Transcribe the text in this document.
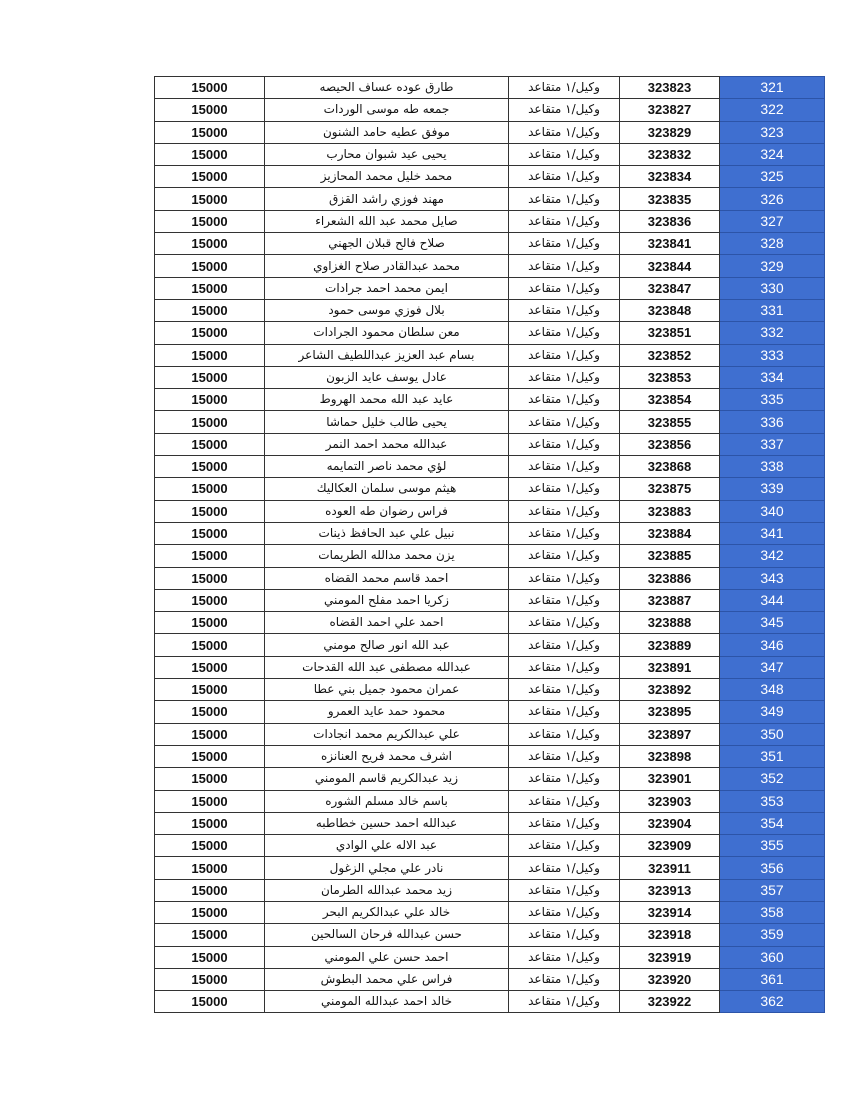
15000	طارق عوده عساف الحيصه	وكيل/١ متقاعد	323823	321
15000	جمعه طه موسى الوردات	وكيل/١ متقاعد	323827	322
15000	موفق عطيه حامد الشنون	وكيل/١ متقاعد	323829	323
15000	يحيى عيد شبوان محارب	وكيل/١ متقاعد	323832	324
15000	محمد خليل محمد المحازيز	وكيل/١ متقاعد	323834	325
15000	مهند فوزي راشد القزق	وكيل/١ متقاعد	323835	326
15000	صايل محمد عبد الله الشعراء	وكيل/١ متقاعد	323836	327
15000	صلاح فالح قبلان الجهني	وكيل/١ متقاعد	323841	328
15000	محمد عبدالقادر صلاح الغزاوي	وكيل/١ متقاعد	323844	329
15000	ايمن محمد احمد جرادات	وكيل/١ متقاعد	323847	330
15000	بلال فوزي موسى حمود	وكيل/١ متقاعد	323848	331
15000	معن سلطان محمود الجرادات	وكيل/١ متقاعد	323851	332
15000	بسام عبد العزيز عبداللطيف الشاعر	وكيل/١ متقاعد	323852	333
15000	عادل يوسف عايد الزبون	وكيل/١ متقاعد	323853	334
15000	عايد عبد الله محمد الهروط	وكيل/١ متقاعد	323854	335
15000	يحيى طالب خليل حماشا	وكيل/١ متقاعد	323855	336
15000	عبدالله محمد احمد النمر	وكيل/١ متقاعد	323856	337
15000	لؤي محمد ناصر التمايمه	وكيل/١ متقاعد	323868	338
15000	هيثم موسى سلمان العكاليك	وكيل/١ متقاعد	323875	339
15000	فراس رضوان طه العوده	وكيل/١ متقاعد	323883	340
15000	نبيل علي عبد الحافظ ذينات	وكيل/١ متقاعد	323884	341
15000	يزن محمد مدالله الطريمات	وكيل/١ متقاعد	323885	342
15000	احمد قاسم محمد القضاه	وكيل/١ متقاعد	323886	343
15000	زكريا احمد مفلح المومني	وكيل/١ متقاعد	323887	344
15000	احمد علي احمد القضاه	وكيل/١ متقاعد	323888	345
15000	عبد الله انور صالح مومني	وكيل/١ متقاعد	323889	346
15000	عبدالله مصطفى عبد الله القدحات	وكيل/١ متقاعد	323891	347
15000	عمران محمود جميل بني عطا	وكيل/١ متقاعد	323892	348
15000	محمود حمد عايد العمرو	وكيل/١ متقاعد	323895	349
15000	علي عبدالكريم محمد انجادات	وكيل/١ متقاعد	323897	350
15000	اشرف محمد فريح العنانزه	وكيل/١ متقاعد	323898	351
15000	زيد عبدالكريم قاسم المومني	وكيل/١ متقاعد	323901	352
15000	باسم خالد مسلم الشوره	وكيل/١ متقاعد	323903	353
15000	عبدالله احمد حسين خطاطبه	وكيل/١ متقاعد	323904	354
15000	عبد الاله علي الوادي	وكيل/١ متقاعد	323909	355
15000	نادر علي مجلي الزغول	وكيل/١ متقاعد	323911	356
15000	زيد محمد عبدالله الطرمان	وكيل/١ متقاعد	323913	357
15000	خالد علي عبدالكريم البحر	وكيل/١ متقاعد	323914	358
15000	حسن عبدالله فرحان السالحين	وكيل/١ متقاعد	323918	359
15000	احمد حسن علي المومني	وكيل/١ متقاعد	323919	360
15000	فراس علي محمد البطوش	وكيل/١ متقاعد	323920	361
15000	خالد احمد عبدالله المومني	وكيل/١ متقاعد	323922	362
